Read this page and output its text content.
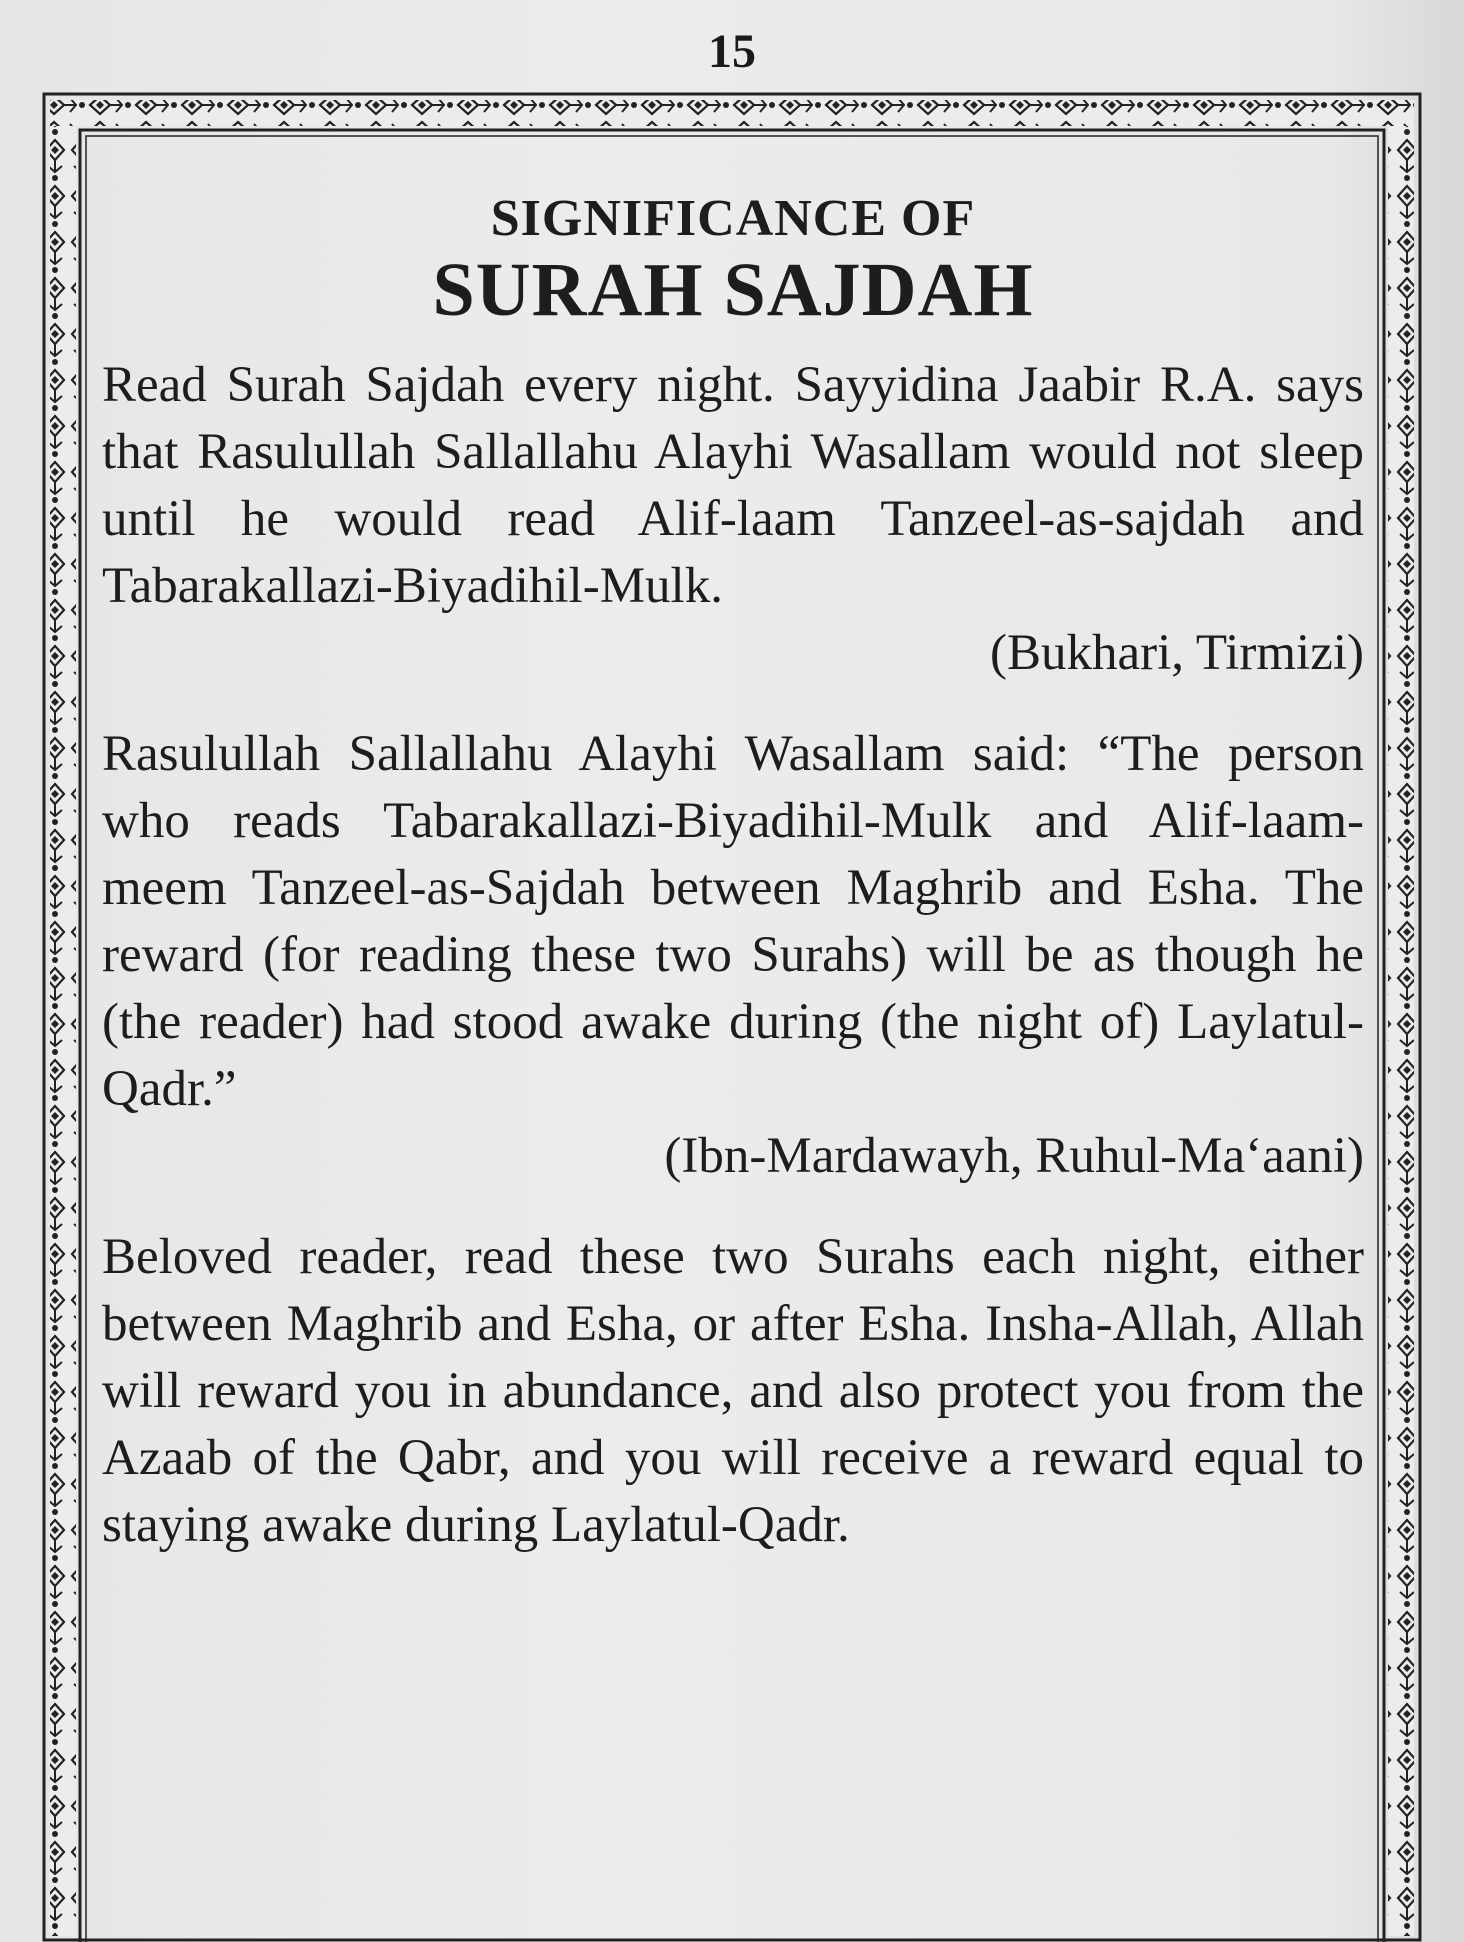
15
SIGNIFICANCE OF
SURAH SAJDAH

Read Surah Sajdah every night. Sayyidina Jaabir R.A. says that Rasulullah Sallallahu Alayhi Wasallam would not sleep until he would read Alif-laam Tanzeel-as-sajdah and Tabarakallazi-Biyadihil-Mulk.

(Bukhari, Tirmizi)

Rasulullah Sallallahu Alayhi Wasallam said: “The person who reads Tabarakallazi-Biyadihil-Mulk and Alif-laam-meem Tanzeel-as-Sajdah between Maghrib and Esha. The reward (for reading these two Surahs) will be as though he (the reader) had stood awake during (the night of) Laylatul-Qadr.”

(Ibn-Mardawayh, Ruhul-Ma‘aani)

Beloved reader, read these two Surahs each night, either between Maghrib and Esha, or after Esha. Insha-Allah, Allah will reward you in abundance, and also protect you from the Azaab of the Qabr, and you will receive a reward equal to staying awake during Laylatul-Qadr.
